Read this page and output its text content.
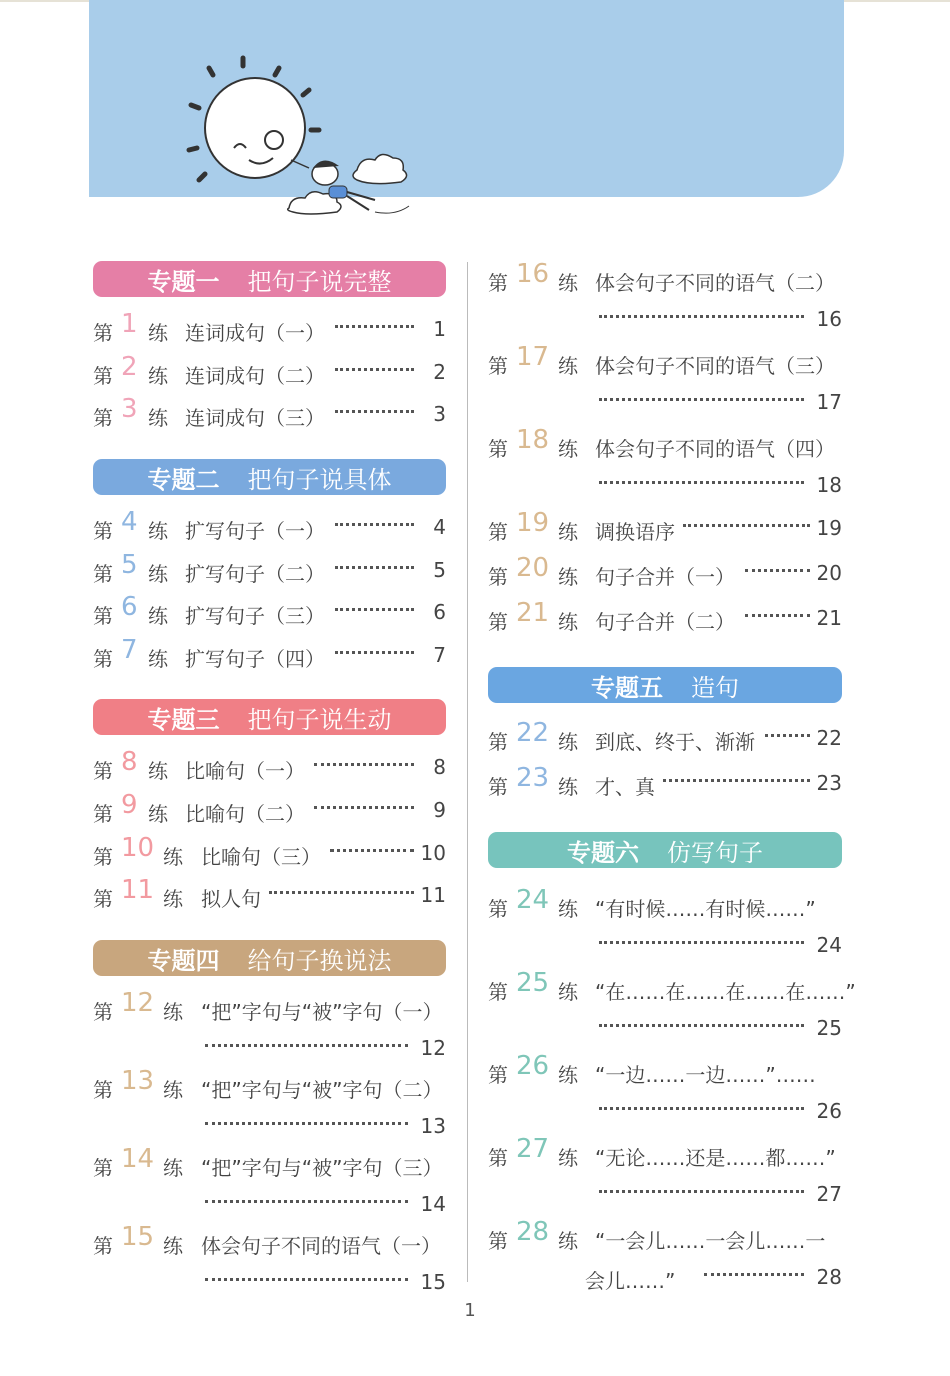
目
录
专题一 把句子说完整
第 1 练 连词成句（一）	1
第 2 练 连词成句（二）	2
第 3 练 连词成句（三）	3
专题二 把句子说具体
第 4 练 扩写句子（一）	4
第 5 练 扩写句子（二）	5
第 6 练 扩写句子（三）	6
第 7 练 扩写句子（四）	7
专题三 把句子说生动
第 8 练 比喻句（一）	8
第 9 练 比喻句（二）	9
第 10 练 比喻句（三）	10
第 11 练 拟人句	11
专题四 给句子换说法
第 12 练 “把”字句与“被”字句（一）
12
第 13 练 “把”字句与“被”字句（二）
13
第 14 练 “把”字句与“被”字句（三）
14
第 15 练 体会句子不同的语气（一）
15
第 16 练 体会句子不同的语气（二）
16
第 17 练 体会句子不同的语气（三）
17
第 18 练 体会句子不同的语气（四）
18
第 19 练 调换语序	19
第 20 练 句子合并（一）	20
第 21 练 句子合并（二）	21
专题五 造句
第 22 练 到底、终于、渐渐	22
第 23 练 才、真	23
专题六 仿写句子
第 24 练 “有时候……有时候……”
24
第 25 练 “在……在……在……在……”
25
第 26 练 “一边……一边……”……
26
第 27 练 “无论……还是……都……”
27
第 28 练 “一会儿……一会儿……一
会儿……”	28
1
